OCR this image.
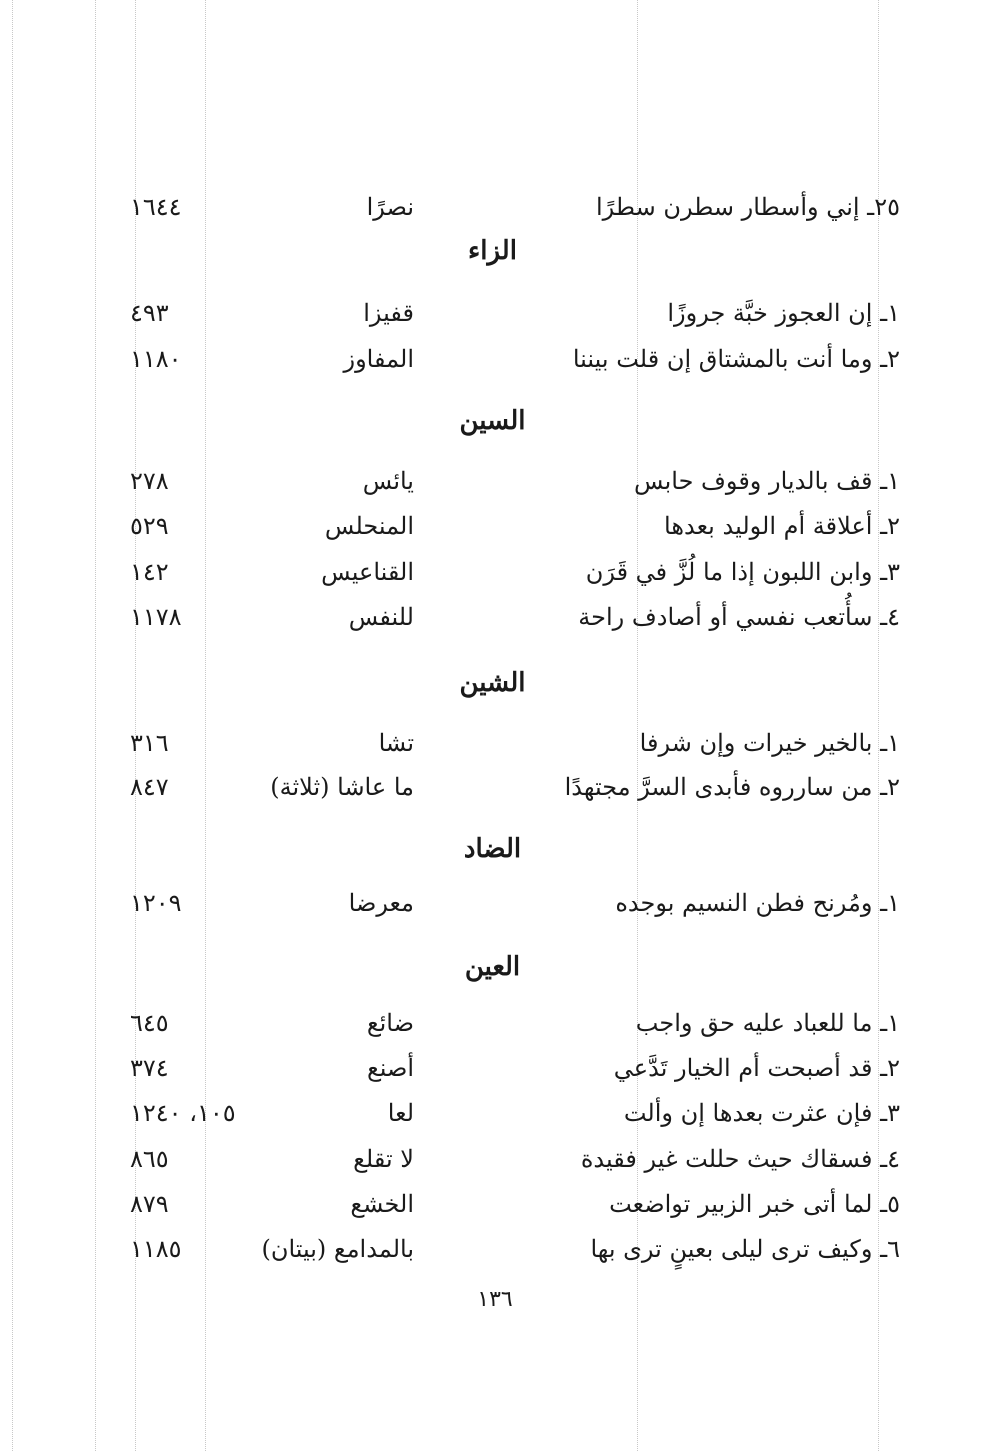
٢٥ـ إني وأسطار سطرن سطرًا
نصرًا
١٦٤٤
الزاء
١ـ إن العجوز خبَّة جروزًا
قفيزا
٤٩٣
٢ـ وما أنت بالمشتاق إن قلت بيننا
المفاوز
١١٨٠
السين
١ـ قف بالديار وقوف حابس
يائس
٢٧٨
٢ـ أعلاقة أم الوليد بعدها
المنحلس
٥٢٩
٣ـ وابن اللبون إذا ما لُزَّ في قَرَن
القناعيس
١٤٢
٤ـ سأُتعب نفسي أو أصادف راحة
للنفس
١١٧٨
الشين
١ـ بالخير خيرات وإن شرفا
تشا
٣١٦
٢ـ من سارروه فأبدى السرَّ مجتهدًا
ما عاشا (ثلاثة)
٨٤٧
الضاد
١ـ ومُرنح فطن النسيم بوجده
معرضا
١٢٠٩
العين
١ـ ما للعباد عليه حق واجب
ضائع
٦٤٥
٢ـ قد أصبحت أم الخيار تَدَّعي
أصنع
٣٧٤
٣ـ فإن عثرت بعدها إن وألت
لعا
١٠٥، ١٢٤٠
٤ـ فسقاك حيث حللت غير فقيدة
لا تقلع
٨٦٥
٥ـ لما أتى خبر الزبير تواضعت
الخشع
٨٧٩
٦ـ وكيف ترى ليلى بعينٍ ترى بها
بالمدامع (بيتان)
١١٨٥
١٣٦
